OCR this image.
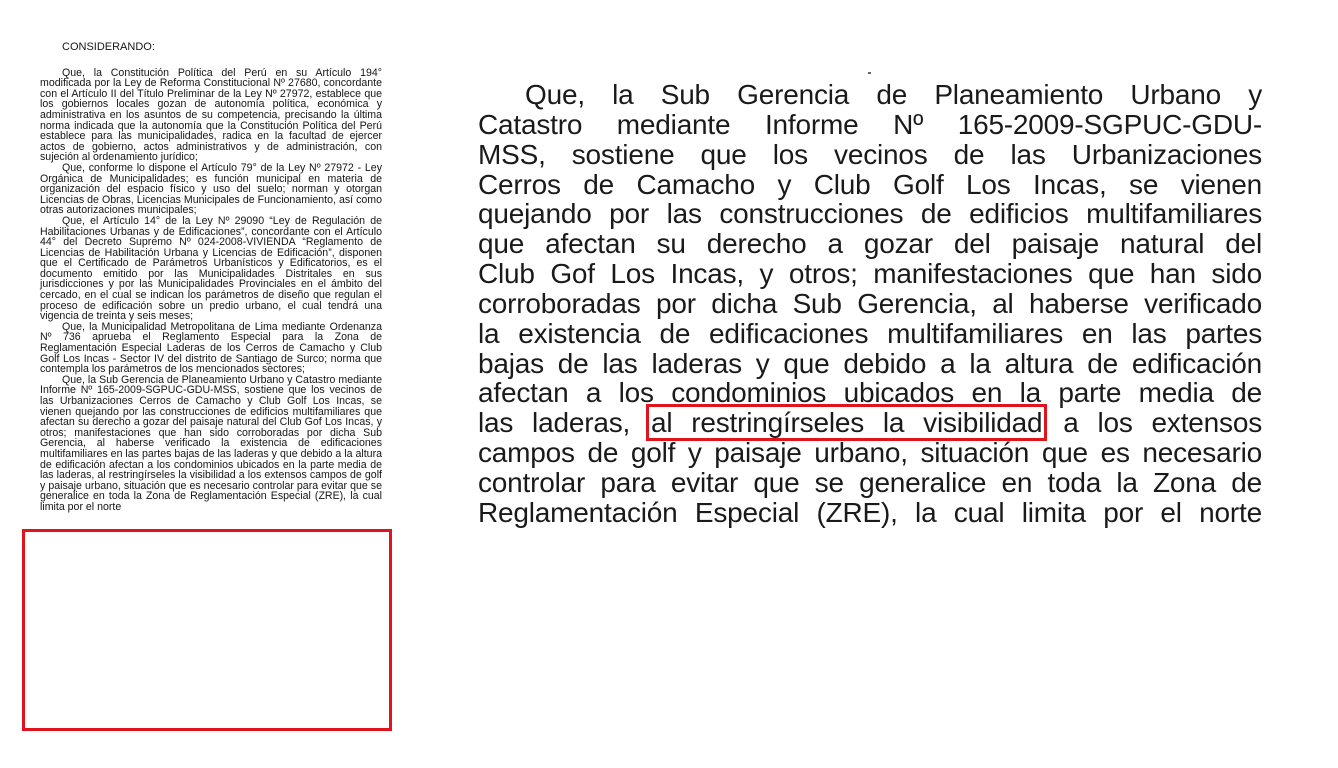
CONSIDERANDO:

Que, la Constitución Política del Perú en su Artículo 194° modificada por la Ley de Reforma Constitucional Nº 27680, concordante con el Artículo II del Título Preliminar de la Ley Nº 27972, establece que los gobiernos locales gozan de autonomía política, económica y administrativa en los asuntos de su competencia, precisando la última norma indicada que la autonomía que la Constitución Política del Perú establece para las municipalidades, radica en la facultad de ejercer actos de gobierno, actos administrativos y de administración, con sujeción al ordenamiento jurídico;

Que, conforme lo dispone el Artículo 79° de la Ley Nº 27972 - Ley Orgánica de Municipalidades; es función municipal en materia de organización del espacio físico y uso del suelo; norman y otorgan Licencias de Obras, Licencias Municipales de Funcionamiento, así como otras autorizaciones municipales;

Que, el Artículo 14° de la Ley Nº 29090 “Ley de Regulación de Habilitaciones Urbanas y de Edificaciones”, concordante con el Artículo 44° del Decreto Supremo Nº 024-2008-VIVIENDA “Reglamento de Licencias de Habilitación Urbana y Licencias de Edificación”, disponen que el Certificado de Parámetros Urbanísticos y Edificatorios, es el documento emitido por las Municipalidades Distritales en sus jurisdicciones y por las Municipalidades Provinciales en el ámbito del cercado, en el cual se indican los parámetros de diseño que regulan el proceso de edificación sobre un predio urbano, el cual tendrá una vigencia de treinta y seis meses;

Que, la Municipalidad Metropolitana de Lima mediante Ordenanza Nº 736 aprueba el Reglamento Especial para la Zona de Reglamentación Especial Laderas de los Cerros de Camacho y Club Golf Los Incas - Sector IV del distrito de Santiago de Surco; norma que contempla los parámetros de los mencionados sectores;

Que, la Sub Gerencia de Planeamiento Urbano y Catastro mediante Informe Nº 165-2009-SGPUC-GDU-MSS, sostiene que los vecinos de las Urbanizaciones Cerros de Camacho y Club Golf Los Incas, se vienen quejando por las construcciones de edificios multifamiliares que afectan su derecho a gozar del paisaje natural del Club Gof Los Incas, y otros; manifestaciones que han sido corroboradas por dicha Sub Gerencia, al haberse verificado la existencia de edificaciones multifamiliares en las partes bajas de las laderas y que debido a la altura de edificación afectan a los condominios ubicados en la parte media de las laderas, al restringírseles la visibilidad a los extensos campos de golf y paisaje urbano, situación que es necesario controlar para evitar que se generalice en toda la Zona de Reglamentación Especial (ZRE), la cual limita por el norte

Que, la Sub Gerencia de Planeamiento Urbano y
Catastro mediante Informe Nº 165-2009-SGPUC-GDU-
MSS, sostiene que los vecinos de las Urbanizaciones
Cerros de Camacho y Club Golf Los Incas, se vienen
quejando por las construcciones de edificios multifamiliares
que afectan su derecho a gozar del paisaje natural del
Club Gof Los Incas, y otros; manifestaciones que han sido
corroboradas por dicha Sub Gerencia, al haberse verificado
la existencia de edificaciones multifamiliares en las partes
bajas de las laderas y que debido a la altura de edificación
afectan a los condominios ubicados en la parte media de
las laderas, al restringírseles la visibilidad a los extensos
campos de golf y paisaje urbano, situación que es necesario
controlar para evitar que se generalice en toda la Zona de
Reglamentación Especial (ZRE), la cual limita por el norte
